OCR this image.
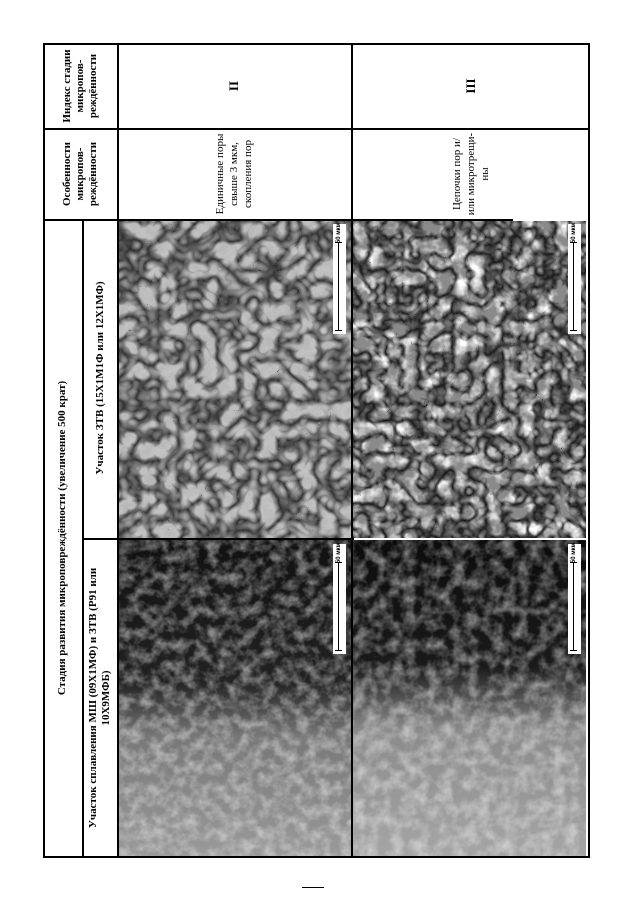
Индекс стадии микропов-реждённости
Особенности микропов-реждённости
Стадия развития микроповреждённости (увеличение 500 крат)
Участок сплавления МШ (09Х1МФ) и ЗТВ (Р91 или 10Х9МФБ)
Участок ЗТВ (15Х1М1Ф или 12Х1МФ)
II
Единичные поры свыше 3 мкм, скопления пор
III
Цепочки пор и/или микротрещи-ны
50 мкм
50 мкм
50 мкм
50 мкм
